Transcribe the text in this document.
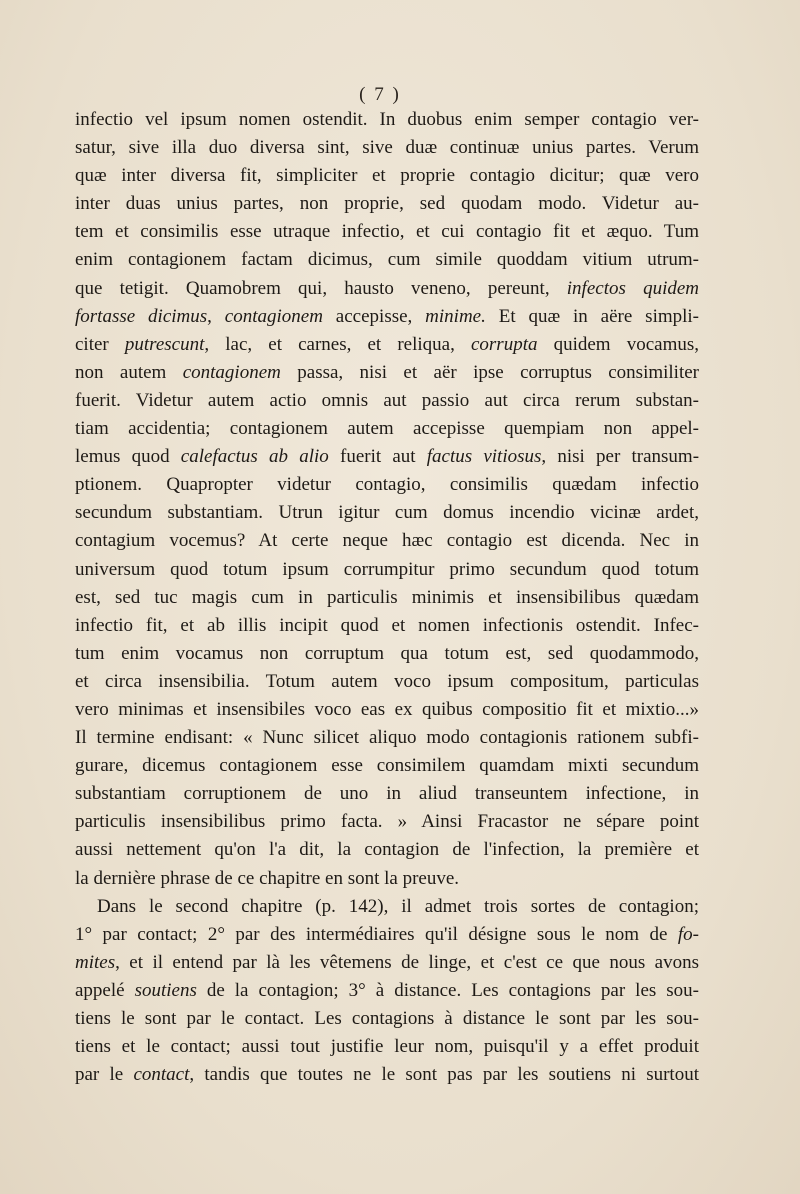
( 7 )
infectio vel ipsum nomen ostendit. In duobus enim semper contagio ver-
satur, sive illa duo diversa sint, sive duæ continuæ unius partes. Verum
quæ inter diversa fit, simpliciter et proprie contagio dicitur; quæ vero
inter duas unius partes, non proprie, sed quodam modo. Videtur au-
tem et consimilis esse utraque infectio, et cui contagio fit et æquo. Tum
enim contagionem factam dicimus, cum simile quoddam vitium utrum-
que tetigit. Quamobrem qui, hausto veneno, pereunt, infectos quidem
fortasse dicimus, contagionem accepisse, minime. Et quæ in aëre simpli-
citer putrescunt, lac, et carnes, et reliqua, corrupta quidem vocamus,
non autem contagionem passa, nisi et aër ipse corruptus consimiliter
fuerit. Videtur autem actio omnis aut passio aut circa rerum substan-
tiam accidentia; contagionem autem accepisse quempiam non appel-
lemus quod calefactus ab alio fuerit aut factus vitiosus, nisi per transum-
ptionem. Quapropter videtur contagio, consimilis quædam infectio
secundum substantiam. Utrun igitur cum domus incendio vicinæ ardet,
contagium vocemus? At certe neque hæc contagio est dicenda. Nec in
universum quod totum ipsum corrumpitur primo secundum quod totum
est, sed tuc magis cum in particulis minimis et insensibilibus quædam
infectio fit, et ab illis incipit quod et nomen infectionis ostendit. Infec-
tum enim vocamus non corruptum qua totum est, sed quodammodo,
et circa insensibilia. Totum autem voco ipsum compositum, particulas
vero minimas et insensibiles voco eas ex quibus compositio fit et mixtio...»
Il termine endisant: « Nunc silicet aliquo modo contagionis rationem subfi-
gurare, dicemus contagionem esse consimilem quamdam mixti secundum
substantiam corruptionem de uno in aliud transeuntem infectione, in
particulis insensibilibus primo facta. » Ainsi Fracastor ne sépare point
aussi nettement qu'on l'a dit, la contagion de l'infection, la première et
la dernière phrase de ce chapitre en sont la preuve.
Dans le second chapitre (p. 142), il admet trois sortes de contagion;
1° par contact; 2° par des intermédiaires qu'il désigne sous le nom de fo-
mites, et il entend par là les vêtemens de linge, et c'est ce que nous avons
appelé soutiens de la contagion; 3° à distance. Les contagions par les sou-
tiens le sont par le contact. Les contagions à distance le sont par les sou-
tiens et le contact; aussi tout justifie leur nom, puisqu'il y a effet produit
par le contact, tandis que toutes ne le sont pas par les soutiens ni surtout
